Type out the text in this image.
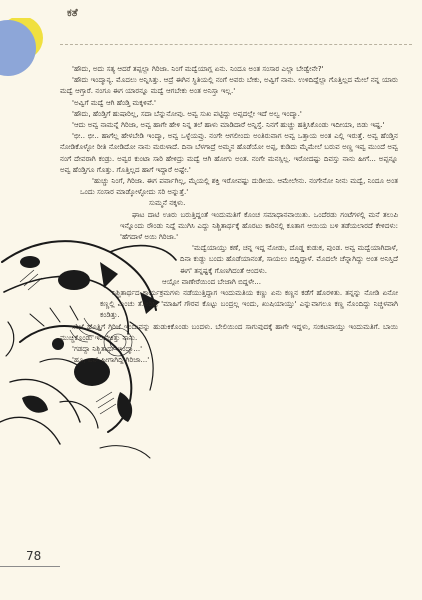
ಕತೆ

'ಹೌದು, ಅದು ಸತ್ಯ ಆದರೆ ತಪ್ಪಲ್ಲಾ ಗಿರಿಜಾ. ನಿಂಗೆ ಮದ್ವೆಯಾಗ್ಲ ಏನು. ನಿಂದೂ ಅಂತ ಸಂಸಾರ ಎಲ್ಲಾ ಬೇಡ್ವೇನೇ?'

'ಹೌದು ಇಂದ್ಮಾನ್ಯ. ಮೊದಲು ಅನ್ನಿಸಿತ್ತು. ಆದ್ರೆ ಈಗಿನ ಸ್ಥಿತಿಯಲ್ಲಿ ನಂಗೆ ಅವರು ಬೇಕು, ಅವ್ವಿಗೆ ನಾನು. ಉಳಿದಿದ್ದೆಲ್ಲಾ ಗೊತ್ತಿಲ್ಲದ ಮೇಲೆ ನನ್ನ ಯಾರು ಮದ್ವೆ ಆಗ್ತಾರೆ. ನಂಗೂ ಈಗ ಯಾರನ್ನೂ ಮದ್ವೆ ಆಗಬೇಕು ಅಂತ ಅನಿಸ್ತಾ ಇಲ್ಲ.'

'ಅವ್ವಿಗೆ ಮದ್ವೆ ಆಗಿ ಹೆಂಡ್ತಿ ಮಕ್ಕಳಿವೆ.'

'ಹೌದು, ಹೆಂಡ್ತಿಗೆ ಹುಷಾರಿಲ್ಲ, ಸದಾ ಬೆನ್ನುನೋವು. ಅವ್ವ ಸುಖ ಪಟ್ಟಿದ್ದು ಅಪ್ಪದಲ್ಲೇ ಇದೆ ಅಲ್ವ ಇಂದ್ಮಾ.'

'ಆದು ಅವ್ವ ನಾಮನ್ನೆ ಗಿರಿಜಾ, ಅವ್ವ ಹಾಗೇ ಹೇಳಿ ನಿನ್ನ ತಲೆ ಹಾಳು ಮಾಡಿದಾರೆ ಅನ್ನಿಸ್ತೆ. ನಿನಗೆ ಹುಚ್ಚು ಹತ್ತಿಸಿಕೊಂಡು ಇದೀಯಾ, ಬಿಡು ಇಷ್ಟ.'

'ಛೀ.. ಛೀ.. ಹಾಗೆಲ್ಲ ಹೇಳಬೇಡಿ ಇಂದ್ಮಾ, ಅವ್ವ ಒಳ್ಳೆಯವ್ರು. ನಂಗೇ ಆಗಲೀಂದು ಅಂತಿರುವಾಗ ಅವ್ವ ಒತ್ತಾಯ ಅಂತ ಎಲ್ಲಿ ಇರುತ್ತೆ. ಅವ್ವ ಹೆಂಡ್ತಿನ ನೋಡಿಕೊಳ್ಳೋ ರೀತಿ ನೋಡಿದೋ ನಾನು ಮರುಳಾದೆ. ದಿನಾ ಬೆಳಗಾದ್ರೆ ಅಮ್ಮನ ಹೊಡೆಯೋ ಅಪ್ಪ, ಕುಡಿದು ಮೈಮೇಲೆ ಬರುವ ಅಣ್ಣ ಇವ್ವ ಮುಂದೆ ಅವ್ವ ನಂಗೆ ದೇವರಾಗಿ ಕಂಡ್ರು. ಅವ್ವರ ಕುಂಟಾ ಸಾರಿ ಹೇಳಿದ್ರು ಮದ್ವೆ ಆಗಿ ಹೋಗು ಅಂತ. ನಂಗೇ ಮನಸ್ಸಿಲ್ಲ. ಇರೋದಷ್ಟು ದಿವಸ್ತು ನಾನು ಹೀಗೆ... ಅಪ್ಪನ್ನೂ ಅವ್ವ ಹೆಂಡ್ತಿಗೂ ಗೊತ್ತು. ಗೊತ್ತಿಲ್ಲದ ಹಾಗೆ ಇದ್ದಾರೆ ಅಷ್ಟೇ.'

'ಹುಚ್ಚು ನಿಂಗೆ, ಗಿರಿಜಾ. ಈಗ ಪರ್ವಾಗಿಲ್ಲ, ಮೈಯಲ್ಲಿ ಶಕ್ತಿ ಇರೋವಷ್ಟು ದುಡೀಯ. ಆಮೇಲೇನು. ನಂಗೇನೋ ನೀನು ಮದ್ವೆ, ನಿಂದೂ ಅಂತ ಒಂದು ಸಂಸಾರ ಮಾಡ್ಕೋಳ್ಳೋದು ಸರಿ ಅನ್ನುತ್ತೆ.'

ಸುಮ್ಮನೆ ನಕ್ಕಳು.

ಘಾಟ ದಾಟಿ ಊರು ಬರುತ್ತಿದ್ದಂತೆ ಇಂದುಮತಿಗೆ ಕೊಂಚ ಸಮಾಧಾನವಾಯಿತು. ಒಂದೆರಡು ಗಂಟೆಗಳಲ್ಲಿ ಮನೆ ತಲುಪಿ ಇನ್ನೊಂದು ರೌಂಡು ನಿದ್ದೆ ಮುಗಿಸಿ ಎದ್ದು ನಿಶ್ಚಿತಾರ್ಥಕ್ಕೆ ಹೊರಟು ಕಾರಿನಲ್ಲಿ ಕೂತಾಗ ಆಯಿಯ ಬಳಿ ತಡೆಯಲಾರದೆ ಕೇಳಿದಳು: 'ಹೆಗದಾಳೆ ಅಯಿ ಗಿರಿಜಾ.'

'ಮದ್ವೆಯಾಯ್ತು ಕಣೆ, ಚನ್ನ ಇದ್ದ ನೋಡು, ದೊಡ್ಡ ಕುಡುಕ, ಪುಂಡ. ಅವ್ವ ಮದ್ವೆಯಾಗಿದಾಳೆ, ದಿನಾ ಕುಡ್ದು ಬಂದು ಹೊಡೆಯಾನಂತೆ, ಸಾಯಲು ಬಿದ್ದಿದ್ದಾಳೆ. ಮೊದಲೇ ಚೆನ್ನಾಗಿದ್ದು ಅಂತ ಅನಿಸ್ತಿದೆ ಈಗ' ತನ್ನಷ್ಟಕ್ಕೆ ಗೊಣಗಿದಂತೆ ಆಂದಳು.

ಆಯ್ಗೋ ವಾಣೇರೆಯಿಂದ ಬೇಜಾಗಿ ಬಿದ್ದಳೇ...

ನಿಶ್ಚಿತಾರ್ಥದ ಕಾರ್ಯಕ್ರಮಗಳು ನಡೆಯುತ್ತಿದ್ದಾಗ ಇಂದುಮತಿಯ ಕಣ್ಣು ಏನು ಕಣ್ಣನ ಕಡೆಗೆ ಹೊರಳಿತು. ತನ್ನನ್ನು ನೋಡಿ ಏನೋ ಕಣ್ಣಲ್ಲಿ ಮಿಂಚು ತೋರಿಸಿ, 'ಮಾಹಿಗೆ ಗೌರವ ಕೊಟ್ಟು ಬಂದ್ರಲ್ಲ ಇಂದು, ಖುಷಿಯಾಯ್ತು' ಎನ್ನುವಾಗಲೂ ಕಣ್ಣ ನೊಂದಿದ್ದು ನಿಚ್ಚಳವಾಗಿ ಕಂಡಿತ್ತು.

ಸಂಜೆ ಹೊತ್ತಿಗೆ ಗಿರಿಜೆ ಇಂದುವನ್ನು ಹುಡುಕಿಕೊಂಡು ಬಂದಳು. ಬೇಲಿಯಿಂದ ಸಾಗುವುದಕ್ಕೆ ಹಾಗೇ ಇದ್ದಳು, ಸಂಕಟವಾಯ್ತು ಇಂದುಮತಿಗೆ. ಬಾಯಿ ಮುಚ್ಚಿಕೊಂಡು ಇರಬೇಕಿತ್ತು ನಾನು.

'ಗಡದ್ದಾ ನಿಶ್ಚಿತಾರ್ಥ ಇಂದ್ಮಾ...'

'ಹೂ, ಏನ್ ಹೀಗಾಗಿದ್ದಿ ಗಿರಿಜಾ...'

78
